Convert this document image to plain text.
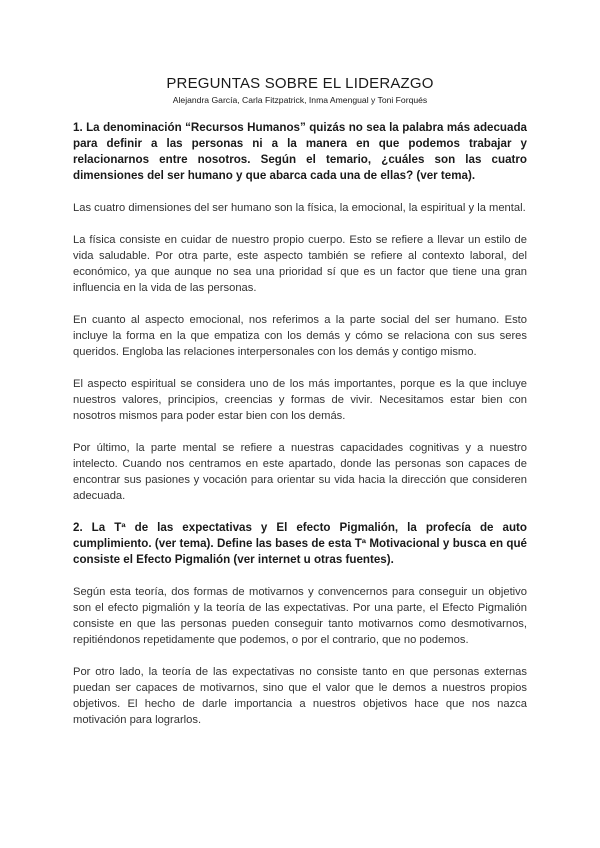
PREGUNTAS SOBRE EL LIDERAZGO

Alejandra García, Carla Fitzpatrick, Inma Amengual y Toni Forqués

1. La denominación “Recursos Humanos” quizás no sea la palabra más adecuada para definir a las personas ni a la manera en que podemos trabajar y relacionarnos entre nosotros. Según el temario, ¿cuáles son las cuatro dimensiones del ser humano y que abarca cada una de ellas? (ver tema).

Las cuatro dimensiones del ser humano son la física, la emocional, la espiritual y la mental.

La física consiste en cuidar de nuestro propio cuerpo. Esto se refiere a llevar un estilo de vida saludable. Por otra parte, este aspecto también se refiere al contexto laboral, del económico, ya que aunque no sea una prioridad sí que es un factor que tiene una gran influencia en la vida de las personas.

En cuanto al aspecto emocional, nos referimos a la parte social del ser humano. Esto incluye la forma en la que empatiza con los demás y cómo se relaciona con sus seres queridos. Engloba las relaciones interpersonales con los demás y contigo mismo.

El aspecto espiritual se considera uno de los más importantes, porque es la que incluye nuestros valores, principios, creencias y formas de vivir. Necesitamos estar bien con nosotros mismos para poder estar bien con los demás.

Por último, la parte mental se refiere a nuestras capacidades cognitivas y a nuestro intelecto. Cuando nos centramos en este apartado, donde las personas son capaces de encontrar sus pasiones y vocación para orientar su vida hacia la dirección que consideren adecuada.

2. La Tª de las expectativas y El efecto Pigmalión, la profecía de auto cumplimiento. (ver tema). Define las bases de esta Tª Motivacional y busca en qué consiste el Efecto Pigmalión (ver internet u otras fuentes).

Según esta teoría, dos formas de motivarnos y convencernos para conseguir un objetivo son el efecto pigmalión y la teoría de las expectativas. Por una parte, el Efecto Pigmalión consiste en que las personas pueden conseguir tanto motivarnos como desmotivarnos, repitiéndonos repetidamente que podemos, o por el contrario, que no podemos.

Por otro lado, la teoría de las expectativas no consiste tanto en que personas externas puedan ser capaces de motivarnos, sino que el valor que le demos a nuestros propios objetivos. El hecho de darle importancia a nuestros objetivos hace que nos nazca motivación para lograrlos.
